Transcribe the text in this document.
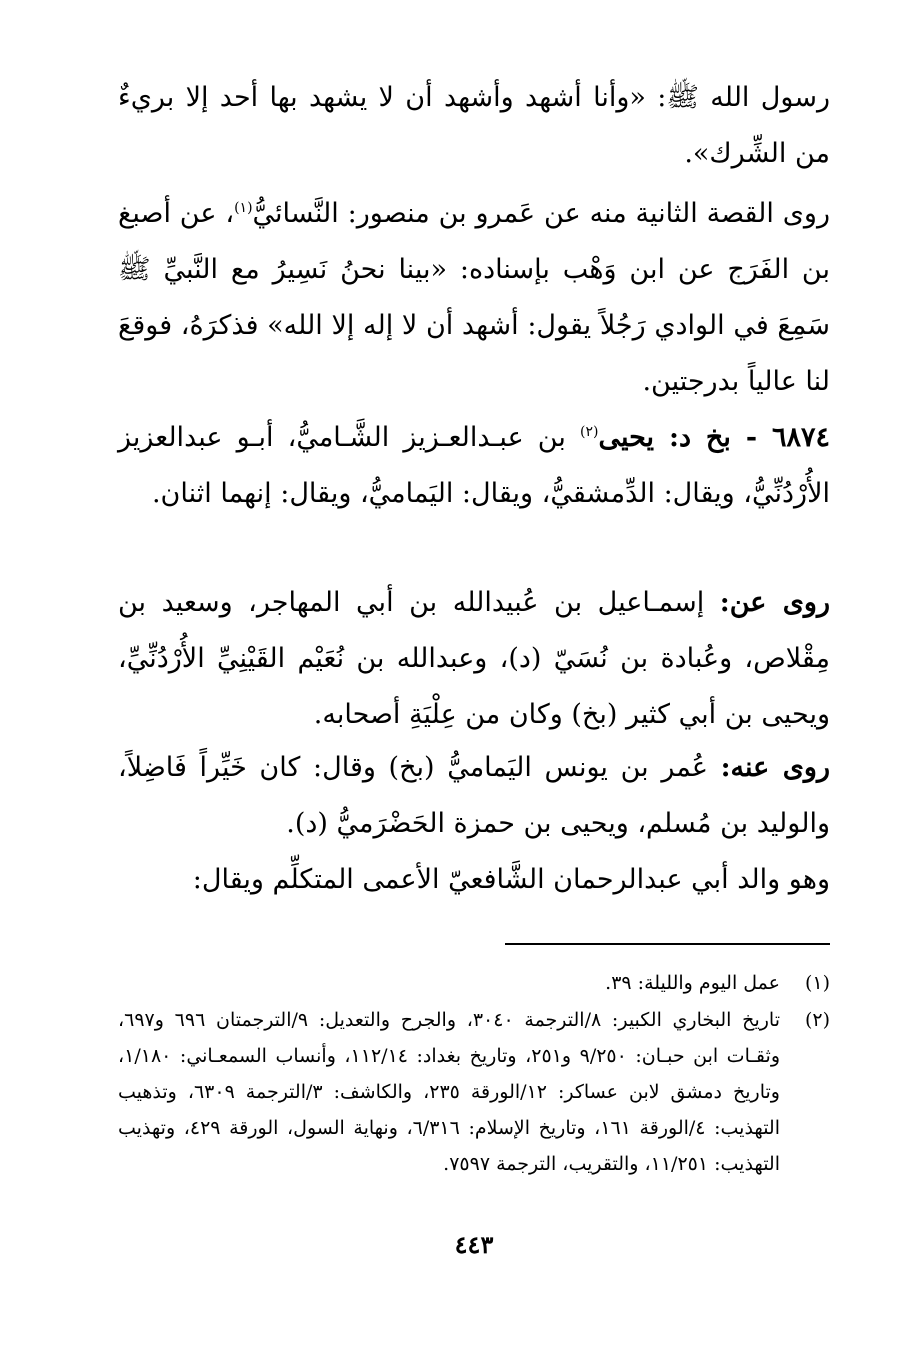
رسول الله ﷺ: «وأنا أشهد وأشهد أن لا يشهد بها أحد إلا بريءٌ من الشِّرك».

روى القصة الثانية منه عن عَمرو بن منصور: النَّسائيُّ$^{(١)}$، عن أصبغ بن الفَرَج عن ابن وَهْب بإسناده: «بينا نحنُ نَسِيرُ مع النَّبيِّ ﷺ سَمِعَ في الوادي رَجُلاً يقول: أشهد أن لا إله إلا الله» فذكرَهُ، فوقعَ لنا عالياً بدرجتين.

٦٨٧٤ - بخ د: يحيى$^{(٢)}$ بن عبـدالعـزيز الشَّـاميُّ، أبـو عبدالعزيز الأُرْدُنِّيُّ، ويقال: الدِّمشقيُّ، ويقال: اليَماميُّ، ويقال: إنهما اثنان.

روى عن: إسمـاعيل بن عُبيدالله بن أبي المهاجر، وسعيد بن مِقْلاص، وعُبادة بن نُسَيّ (د)، وعبدالله بن نُعَيْم القَيْنِيِّ الأُرْدُنِّيِّ، ويحيى بن أبي كثير (بخ) وكان من عِلْيَةِ أصحابه.

روى عنه: عُمر بن يونس اليَماميُّ (بخ) وقال: كان خَيِّراً فَاضِلاً، والوليد بن مُسلم، ويحيى بن حمزة الحَضْرَميُّ (د).

وهو والد أبي عبدالرحمان الشَّافعيّ الأعمى المتكلِّم ويقال:

(١)
عمل اليوم والليلة: ٣٩.
(٢)
تاريخ البخاري الكبير: ٨/الترجمة ٣٠٤٠، والجرح والتعديل: ٩/الترجمتان ٦٩٦ و٦٩٧، وثقـات ابن حبـان: ٩/٢٥٠ و٢٥١، وتاريخ بغداد: ١١٢/١٤، وأنساب السمعـاني: ١/١٨٠، وتاريخ دمشق لابن عساكر: ١٢/الورقة ٢٣٥، والكاشف: ٣/الترجمة ٦٣٠٩، وتذهيب التهذيب: ٤/الورقة ١٦١، وتاريخ الإسلام: ٦/٣١٦، ونهاية السول، الورقة ٤٢٩، وتهذيب التهذيب: ١١/٢٥١، والتقريب، الترجمة ٧٥٩٧.
٤٤٣
